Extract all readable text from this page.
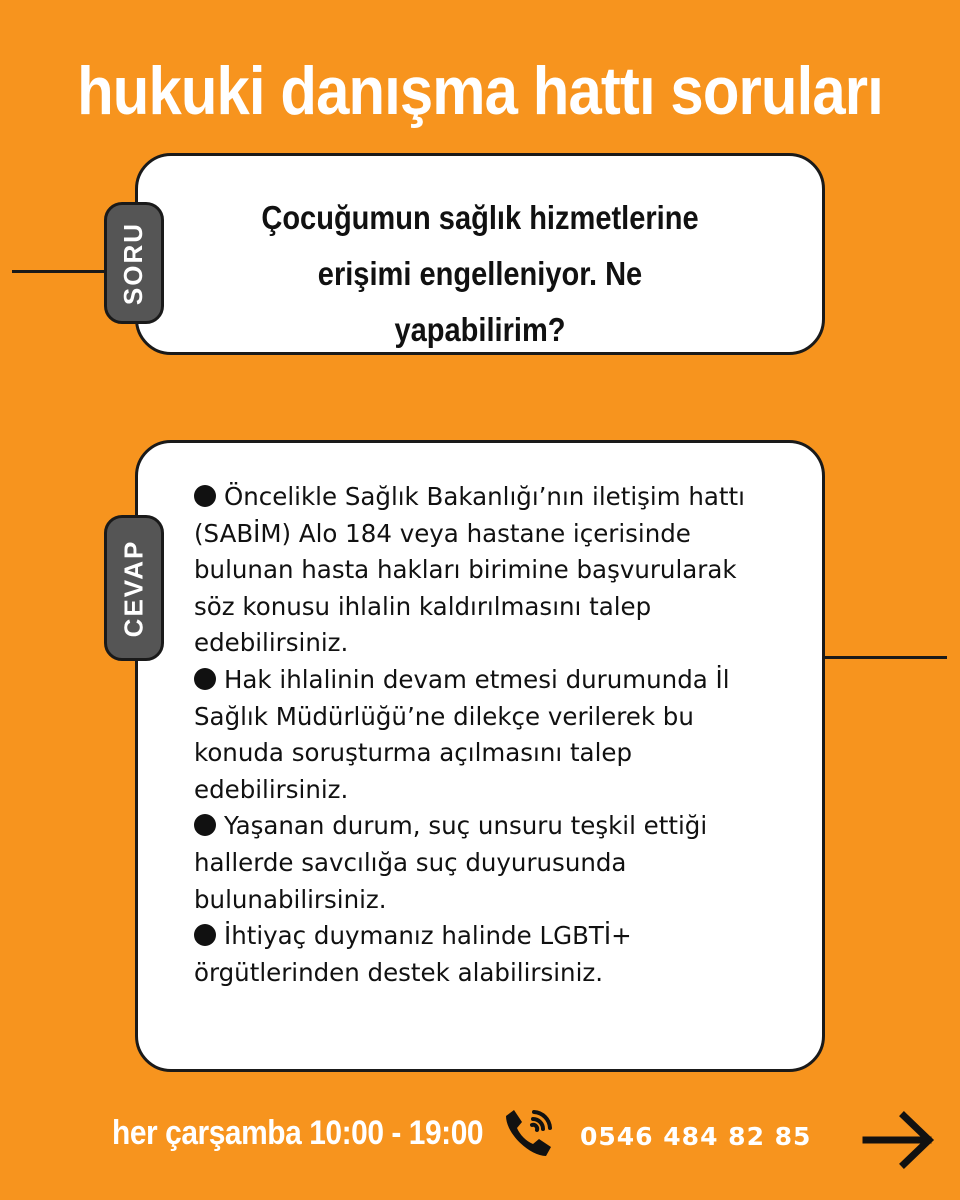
hukuki danışma hattı soruları
Çocuğumun sağlık hizmetlerine erişimi engelleniyor. Ne yapabilirim?
SORU

Öncelikle Sağlık Bakanlığı’nın iletişim hattı (SABİM) Alo 184 veya hastane içerisinde bulunan hasta hakları birimine başvurularak söz konusu ihlalin kaldırılmasını talep edebilirsiniz.

Hak ihlalinin devam etmesi durumunda İl Sağlık Müdürlüğü’ne dilekçe verilerek bu konuda soruşturma açılmasını talep edebilirsiniz.

Yaşanan durum, suç unsuru teşkil ettiği hallerde savcılığa suç duyurusunda bulunabilirsiniz.

İhtiyaç duymanız halinde LGBTİ+ örgütlerinden destek alabilirsiniz.

CEVAP
her çarşamba 10:00 - 19:00	0546 484 82 85
